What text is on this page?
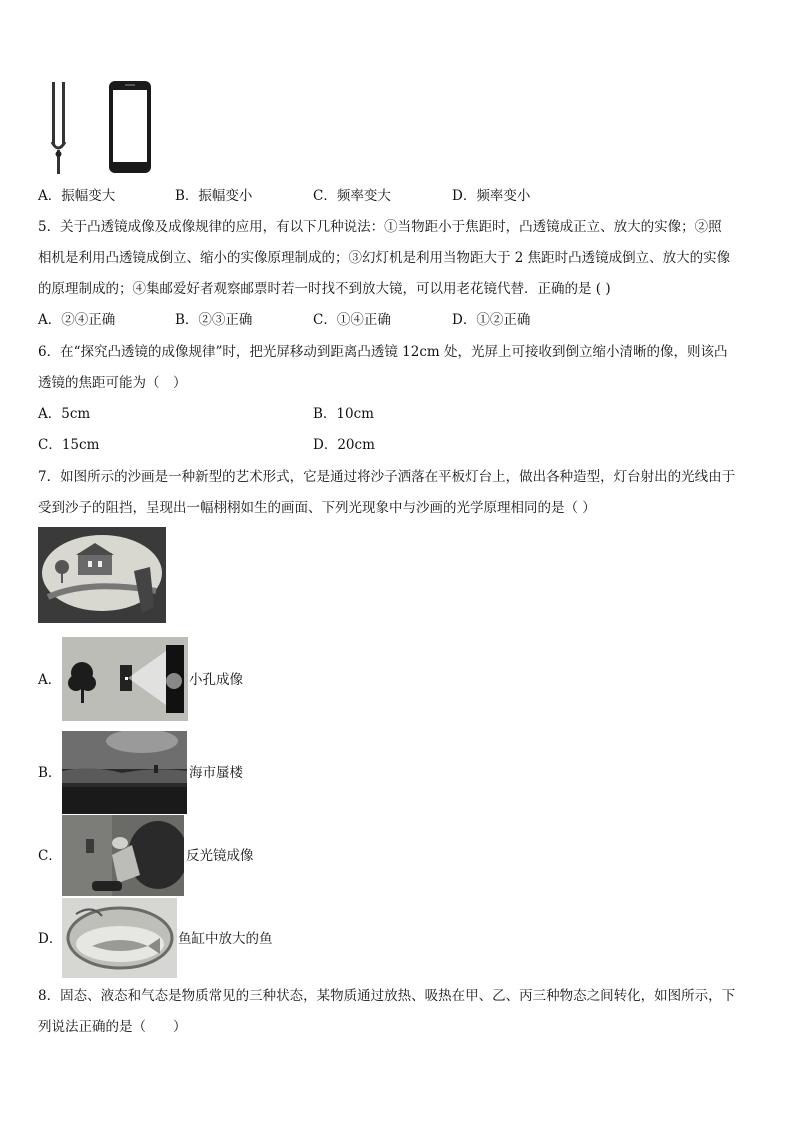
A．振幅变大	B．振幅变小	C．频率变大	D．频率变小
5．关于凸透镜成像及成像规律的应用，有以下几种说法：①当物距小于焦距时，凸透镜成正立、放大的实像；②照
相机是利用凸透镜成倒立、缩小的实像原理制成的；③幻灯机是利用当物距大于 2 焦距时凸透镜成倒立、放大的实像
的原理制成的；④集邮爱好者观察邮票时若一时找不到放大镜，可以用老花镜代替．正确的是 ( )
A．②④正确	B．②③正确	C．①④正确	D．①②正确
6．在“探究凸透镜的成像规律”时，把光屏移动到距离凸透镜 12cm 处，光屏上可接收到倒立缩小清晰的像，则该凸
透镜的焦距可能为（　）
A．5cm	B．10cm
C．15cm	D．20cm
7．如图所示的沙画是一种新型的艺术形式，它是通过将沙子洒落在平板灯台上，做出各种造型，灯台射出的光线由于
受到沙子的阻挡，呈现出一幅栩栩如生的画面、下列光现象中与沙画的光学原理相同的是（ ）
A．	小孔成像
B．	海市蜃楼
C．	反光镜成像
D．	鱼缸中放大的鱼
8．固态、液态和气态是物质常见的三种状态，某物质通过放热、吸热在甲、乙、丙三种物态之间转化，如图所示，下
列说法正确的是（　　）
